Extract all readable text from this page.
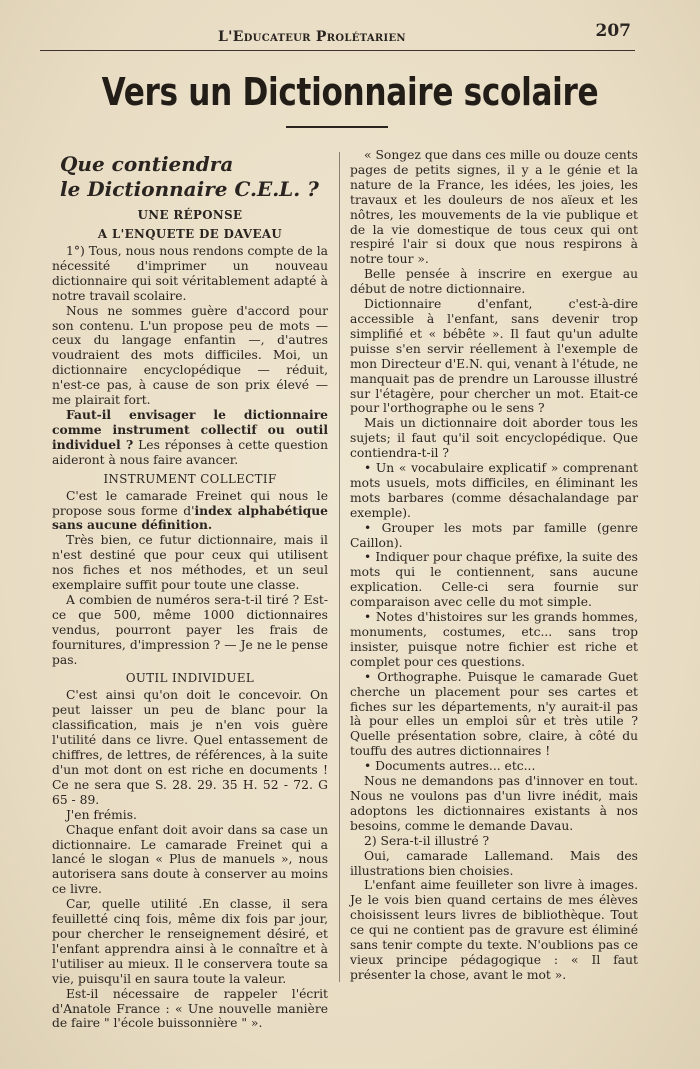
L'Educateur Prolétarien	207
Vers un Dictionnaire scolaire
Que contiendra
le Dictionnaire C.E.L. ?
UNE RÉPONSE
A L'ENQUETE DE DAVEAU

1°) Tous, nous nous rendons compte de la nécessité d'imprimer un nouveau dictionnaire qui soit véritablement adapté à notre travail scolaire.

Nous ne sommes guère d'accord pour son contenu. L'un propose peu de mots — ceux du langage enfantin —, d'autres voudraient des mots difficiles. Moi, un dictionnaire encyclopédique — réduit, n'est-ce pas, à cause de son prix élevé — me plairait fort.

Faut-il envisager le dictionnaire comme instrument collectif ou outil individuel ? Les réponses à cette question aideront à nous faire avancer.

INSTRUMENT COLLECTIF

C'est le camarade Freinet qui nous le propose sous forme d'index alphabétique sans aucune définition.

Très bien, ce futur dictionnaire, mais il n'est destiné que pour ceux qui utilisent nos fiches et nos méthodes, et un seul exemplaire suffit pour toute une classe.

A combien de numéros sera-t-il tiré ? Est-ce que 500, même 1000 dictionnaires vendus, pourront payer les frais de fournitures, d'impression ? — Je ne le pense pas.

OUTIL INDIVIDUEL

C'est ainsi qu'on doit le concevoir. On peut laisser un peu de blanc pour la classification, mais je n'en vois guère l'utilité dans ce livre. Quel entassement de chiffres, de lettres, de références, à la suite d'un mot dont on est riche en documents ! Ce ne sera que S. 28. 29. 35 H. 52 - 72. G 65 - 89.

J'en frémis.

Chaque enfant doit avoir dans sa case un dictionnaire. Le camarade Freinet qui a lancé le slogan « Plus de manuels », nous autorisera sans doute à conserver au moins ce livre.

Car, quelle utilité .En classe, il sera feuilletté cinq fois, même dix fois par jour, pour chercher le renseignement désiré, et l'enfant apprendra ainsi à le connaître et à l'utiliser au mieux. Il le conservera toute sa vie, puisqu'il en saura toute la valeur.

Est-il nécessaire de rappeler l'écrit d'Anatole France : « Une nouvelle manière de faire " l'école buissonnière " ».

« Songez que dans ces mille ou douze cents pages de petits signes, il y a le génie et la nature de la France, les idées, les joies, les travaux et les douleurs de nos aïeux et les nôtres, les mouvements de la vie publique et de la vie domestique de tous ceux qui ont respiré l'air si doux que nous respirons à notre tour ».

Belle pensée à inscrire en exergue au début de notre dictionnaire.

Dictionnaire d'enfant, c'est-à-dire accessible à l'enfant, sans devenir trop simplifié et « bébête ». Il faut qu'un adulte puisse s'en servir réellement à l'exemple de mon Directeur d'E.N. qui, venant à l'étude, ne manquait pas de prendre un Larousse illustré sur l'étagère, pour chercher un mot. Etait-ce pour l'orthographe ou le sens ?

Mais un dictionnaire doit aborder tous les sujets; il faut qu'il soit encyclopédique. Que contiendra-t-il ?

• Un « vocabulaire explicatif » comprenant mots usuels, mots difficiles, en éliminant les mots barbares (comme désachalandage par exemple).

• Grouper les mots par famille (genre Caillon).

• Indiquer pour chaque préfixe, la suite des mots qui le contiennent, sans aucune explication. Celle-ci sera fournie sur comparaison avec celle du mot simple.

• Notes d'histoires sur les grands hommes, monuments, costumes, etc... sans trop insister, puisque notre fichier est riche et complet pour ces questions.

• Orthographe. Puisque le camarade Guet cherche un placement pour ses cartes et fiches sur les départements, n'y aurait-il pas là pour elles un emploi sûr et très utile ? Quelle présentation sobre, claire, à côté du touffu des autres dictionnaires !

• Documents autres... etc...

Nous ne demandons pas d'innover en tout. Nous ne voulons pas d'un livre inédit, mais adoptons les dictionnaires existants à nos besoins, comme le demande Davau.

2) Sera-t-il illustré ?

Oui, camarade Lallemand. Mais des illustrations bien choisies.

L'enfant aime feuilleter son livre à images. Je le vois bien quand certains de mes élèves choisissent leurs livres de bibliothèque. Tout ce qui ne contient pas de gravure est éliminé sans tenir compte du texte. N'oublions pas ce vieux principe pédagogique : « Il faut présenter la chose, avant le mot ».
